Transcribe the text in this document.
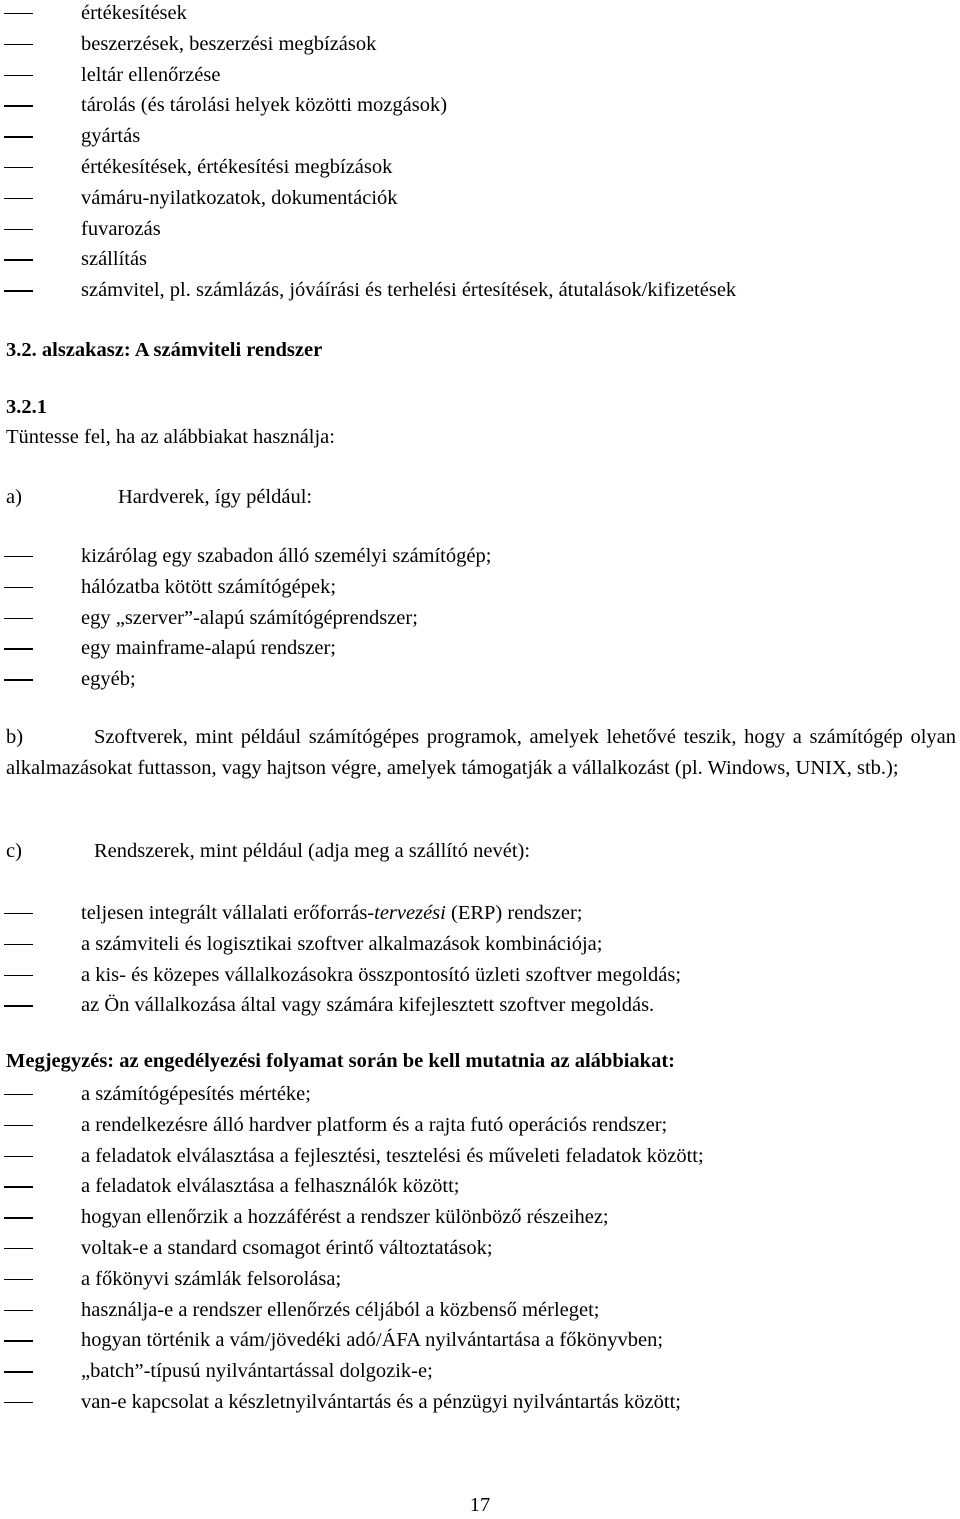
értékesítések
beszerzések, beszerzési megbízások
leltár ellenőrzése
tárolás (és tárolási helyek közötti mozgások)
gyártás
értékesítések, értékesítési megbízások
vámáru-nyilatkozatok, dokumentációk
fuvarozás
szállítás
számvitel, pl. számlázás, jóváírási és terhelési értesítések, átutalások/kifizetések
3.2. alszakasz: A számviteli rendszer
3.2.1
Tüntesse fel, ha az alábbiakat használja:
a)	Hardverek, így például:
kizárólag egy szabadon álló személyi számítógép;
hálózatba kötött számítógépek;
egy „szerver”-alapú számítógéprendszer;
egy mainframe-alapú rendszer;
egyéb;
b)	Szoftverek, mint például számítógépes programok, amelyek lehetővé teszik, hogy a számítógép olyan alkalmazásokat futtasson, vagy hajtson végre, amelyek támogatják a vállalkozást (pl. Windows, UNIX, stb.);
c)	Rendszerek, mint például (adja meg a szállító nevét):
teljesen integrált vállalati erőforrás-tervezési (ERP) rendszer;
a számviteli és logisztikai szoftver alkalmazások kombinációja;
a kis- és közepes vállalkozásokra összpontosító üzleti szoftver megoldás;
az Ön vállalkozása által vagy számára kifejlesztett szoftver megoldás.
Megjegyzés: az engedélyezési folyamat során be kell mutatnia az alábbiakat:
a számítógépesítés mértéke;
a rendelkezésre álló hardver platform és a rajta futó operációs rendszer;
a feladatok elválasztása a fejlesztési, tesztelési és műveleti feladatok között;
a feladatok elválasztása a felhasználók között;
hogyan ellenőrzik a hozzáférést a rendszer különböző részeihez;
voltak-e a standard csomagot érintő változtatások;
a főkönyvi számlák felsorolása;
használja-e a rendszer ellenőrzés céljából a közbenső mérleget;
hogyan történik a vám/jövedéki adó/ÁFA nyilvántartása a főkönyvben;
„batch”-típusú nyilvántartással dolgozik-e;
van-e kapcsolat a készletnyilvántartás és a pénzügyi nyilvántartás között;
17
